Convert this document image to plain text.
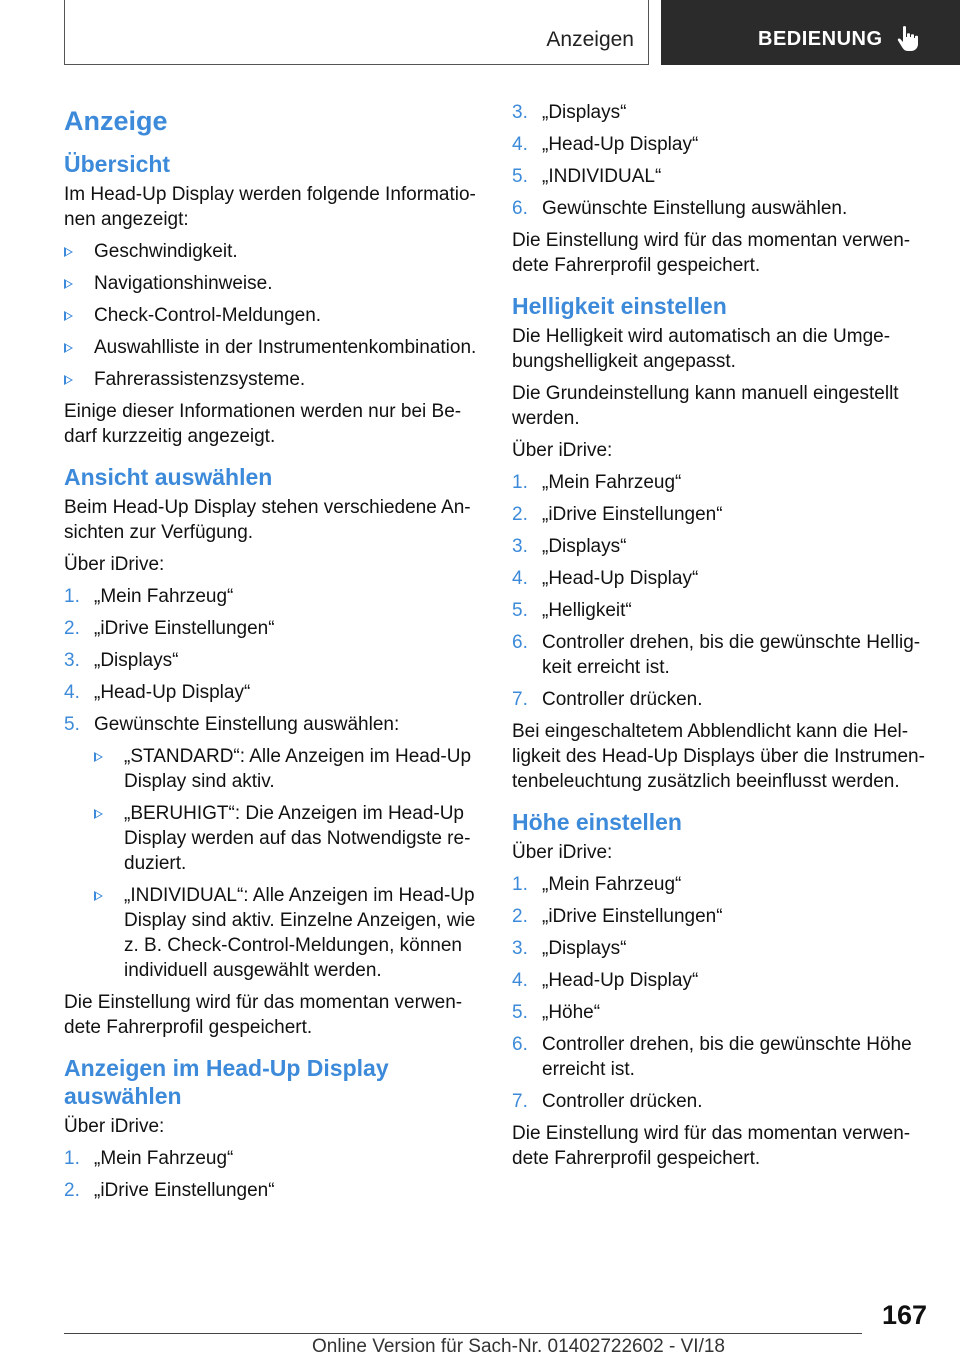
Anzeigen	BEDIENUNG
Anzeige
Übersicht

Im Head-Up Display werden folgende Informationen angezeigt:

Geschwindigkeit.
Navigationshinweise.
Check-Control-Meldungen.
Auswahlliste in der Instrumentenkombination.
Fahrerassistenzsysteme.

Einige dieser Informationen werden nur bei Bedarf kurzzeitig angezeigt.

Ansicht auswählen

Beim Head-Up Display stehen verschiedene Ansichten zur Verfügung.

Über iDrive:

1. „Mein Fahrzeug“
2. „iDrive Einstellungen“
3. „Displays“
4. „Head-Up Display“
5. Gewünschte Einstellung auswählen:
„STANDARD“: Alle Anzeigen im Head-Up Display sind aktiv.
„BERUHIGT“: Die Anzeigen im Head-Up Display werden auf das Notwendigste reduziert.
„INDIVIDUAL“: Alle Anzeigen im Head-Up Display sind aktiv. Einzelne Anzeigen, wie z. B. Check-Control-Meldungen, können individuell ausgewählt werden.

Die Einstellung wird für das momentan verwendete Fahrerprofil gespeichert.

Anzeigen im Head-Up Display auswählen

Über iDrive:

1. „Mein Fahrzeug“
2. „iDrive Einstellungen“
3. „Displays“
4. „Head-Up Display“
5. „INDIVIDUAL“
6. Gewünschte Einstellung auswählen.

Die Einstellung wird für das momentan verwendete Fahrerprofil gespeichert.

Helligkeit einstellen

Die Helligkeit wird automatisch an die Umgebungshelligkeit angepasst.

Die Grundeinstellung kann manuell eingestellt werden.

Über iDrive:

1. „Mein Fahrzeug“
2. „iDrive Einstellungen“
3. „Displays“
4. „Head-Up Display“
5. „Helligkeit“
6. Controller drehen, bis die gewünschte Helligkeit erreicht ist.
7. Controller drücken.

Bei eingeschaltetem Abblendlicht kann die Helligkeit des Head-Up Displays über die Instrumentenbeleuchtung zusätzlich beeinflusst werden.

Höhe einstellen

Über iDrive:

1. „Mein Fahrzeug“
2. „iDrive Einstellungen“
3. „Displays“
4. „Head-Up Display“
5. „Höhe“
6. Controller drehen, bis die gewünschte Höhe erreicht ist.
7. Controller drücken.

Die Einstellung wird für das momentan verwendete Fahrerprofil gespeichert.

167
Online Version für Sach-Nr. 01402722602 - VI/18
